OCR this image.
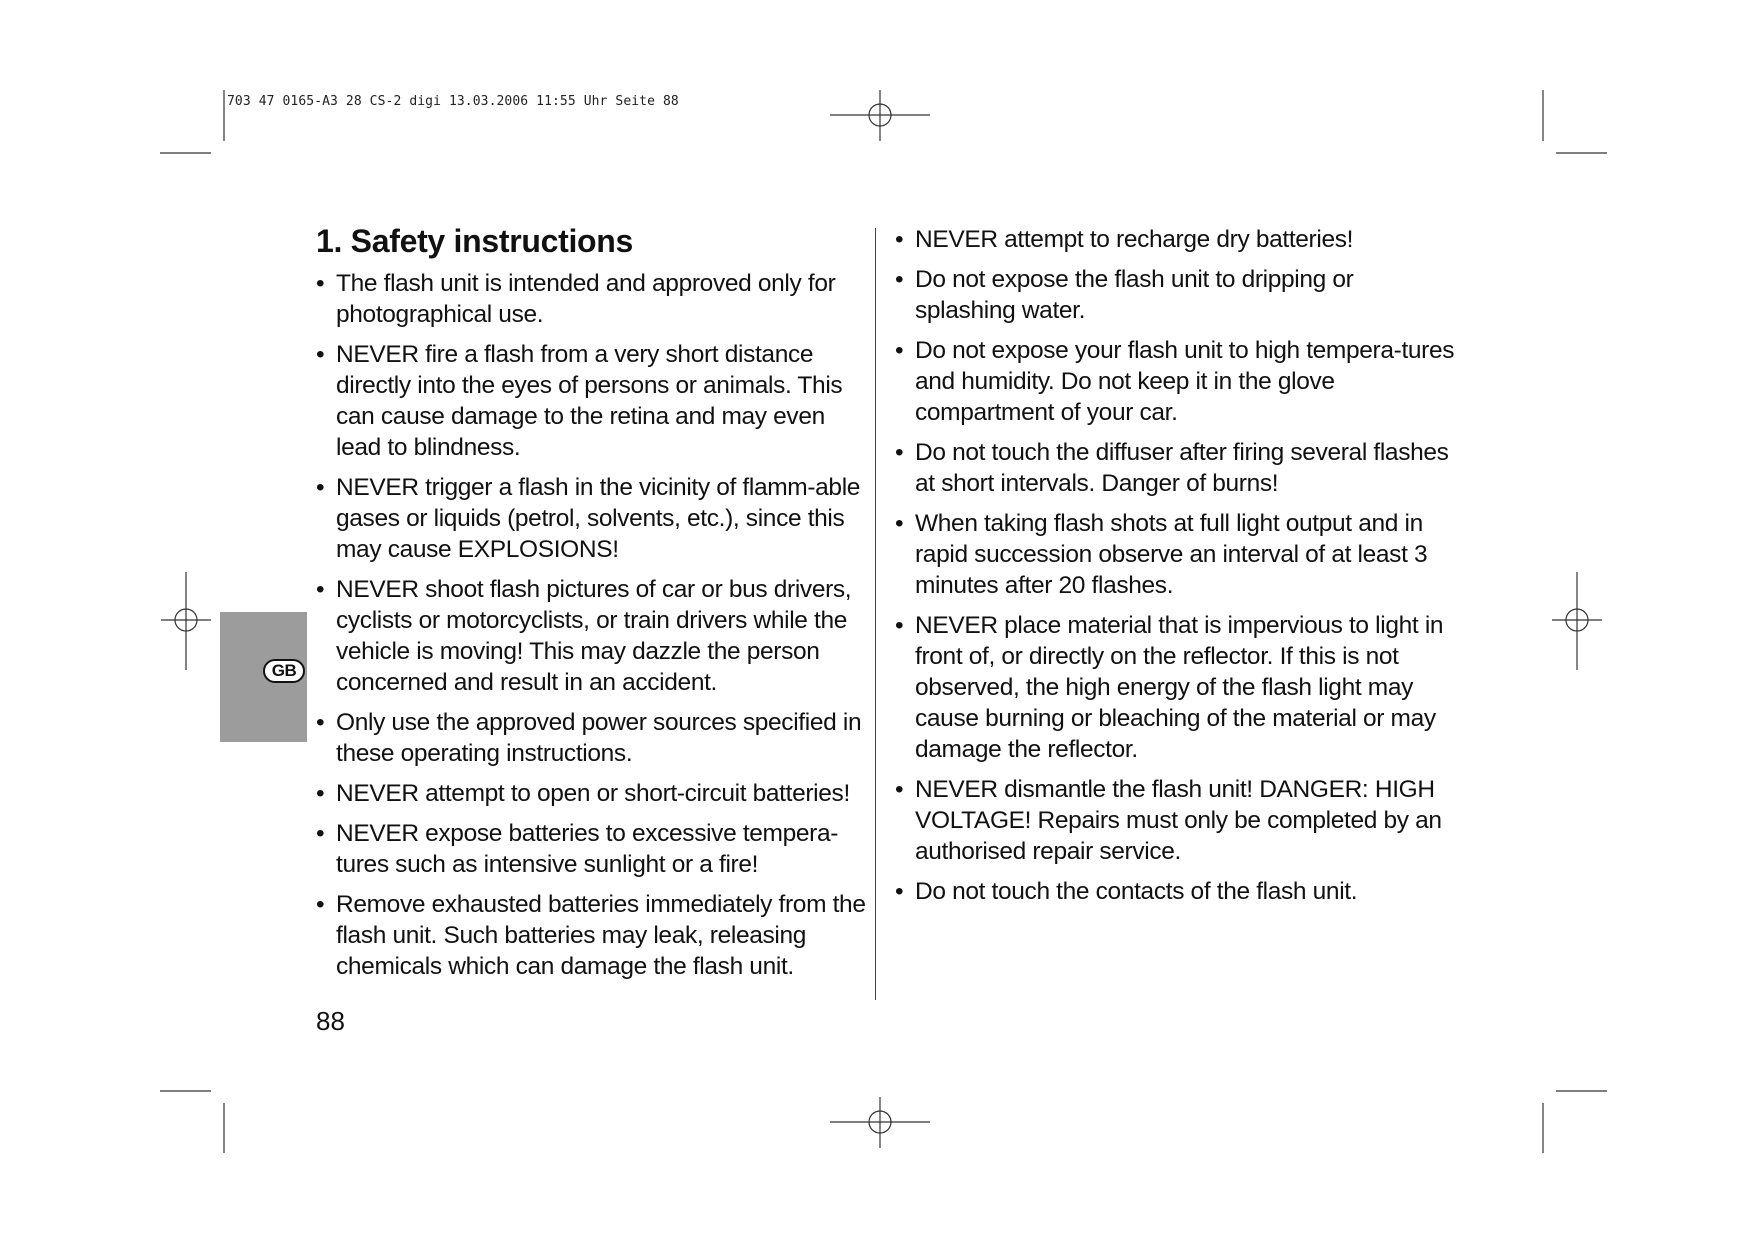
703 47 0165-A3 28 CS-2 digi 13.03.2006 11:55 Uhr Seite 88
GB
1. Safety instructions
• The flash unit is intended and approved only for photographical use.
• NEVER fire a flash from a very short distance directly into the eyes of persons or animals. This can cause damage to the retina and may even lead to blindness.
• NEVER trigger a flash in the vicinity of flamm-able gases or liquids (petrol, solvents, etc.), since this may cause EXPLOSIONS!
• NEVER shoot flash pictures of car or bus drivers, cyclists or motorcyclists, or train drivers while the vehicle is moving! This may dazzle the person concerned and result in an accident.
• Only use the approved power sources specified in these operating instructions.
• NEVER attempt to open or short-circuit batteries!
• NEVER expose batteries to excessive tempera-tures such as intensive sunlight or a fire!
• Remove exhausted batteries immediately from the flash unit. Such batteries may leak, releasing chemicals which can damage the flash unit.
• NEVER attempt to recharge dry batteries!
• Do not expose the flash unit to dripping or splashing water.
• Do not expose your flash unit to high tempera-tures and humidity. Do not keep it in the glove compartment of your car.
• Do not touch the diffuser after firing several flashes at short intervals. Danger of burns!
• When taking flash shots at full light output and in rapid succession observe an interval of at least 3 minutes after 20 flashes.
• NEVER place material that is impervious to light in front of, or directly on the reflector. If this is not observed, the high energy of the flash light may cause burning or bleaching of the material or may damage the reflector.
• NEVER dismantle the flash unit! DANGER: HIGH VOLTAGE! Repairs must only be completed by an authorised repair service.
• Do not touch the contacts of the flash unit.
88
